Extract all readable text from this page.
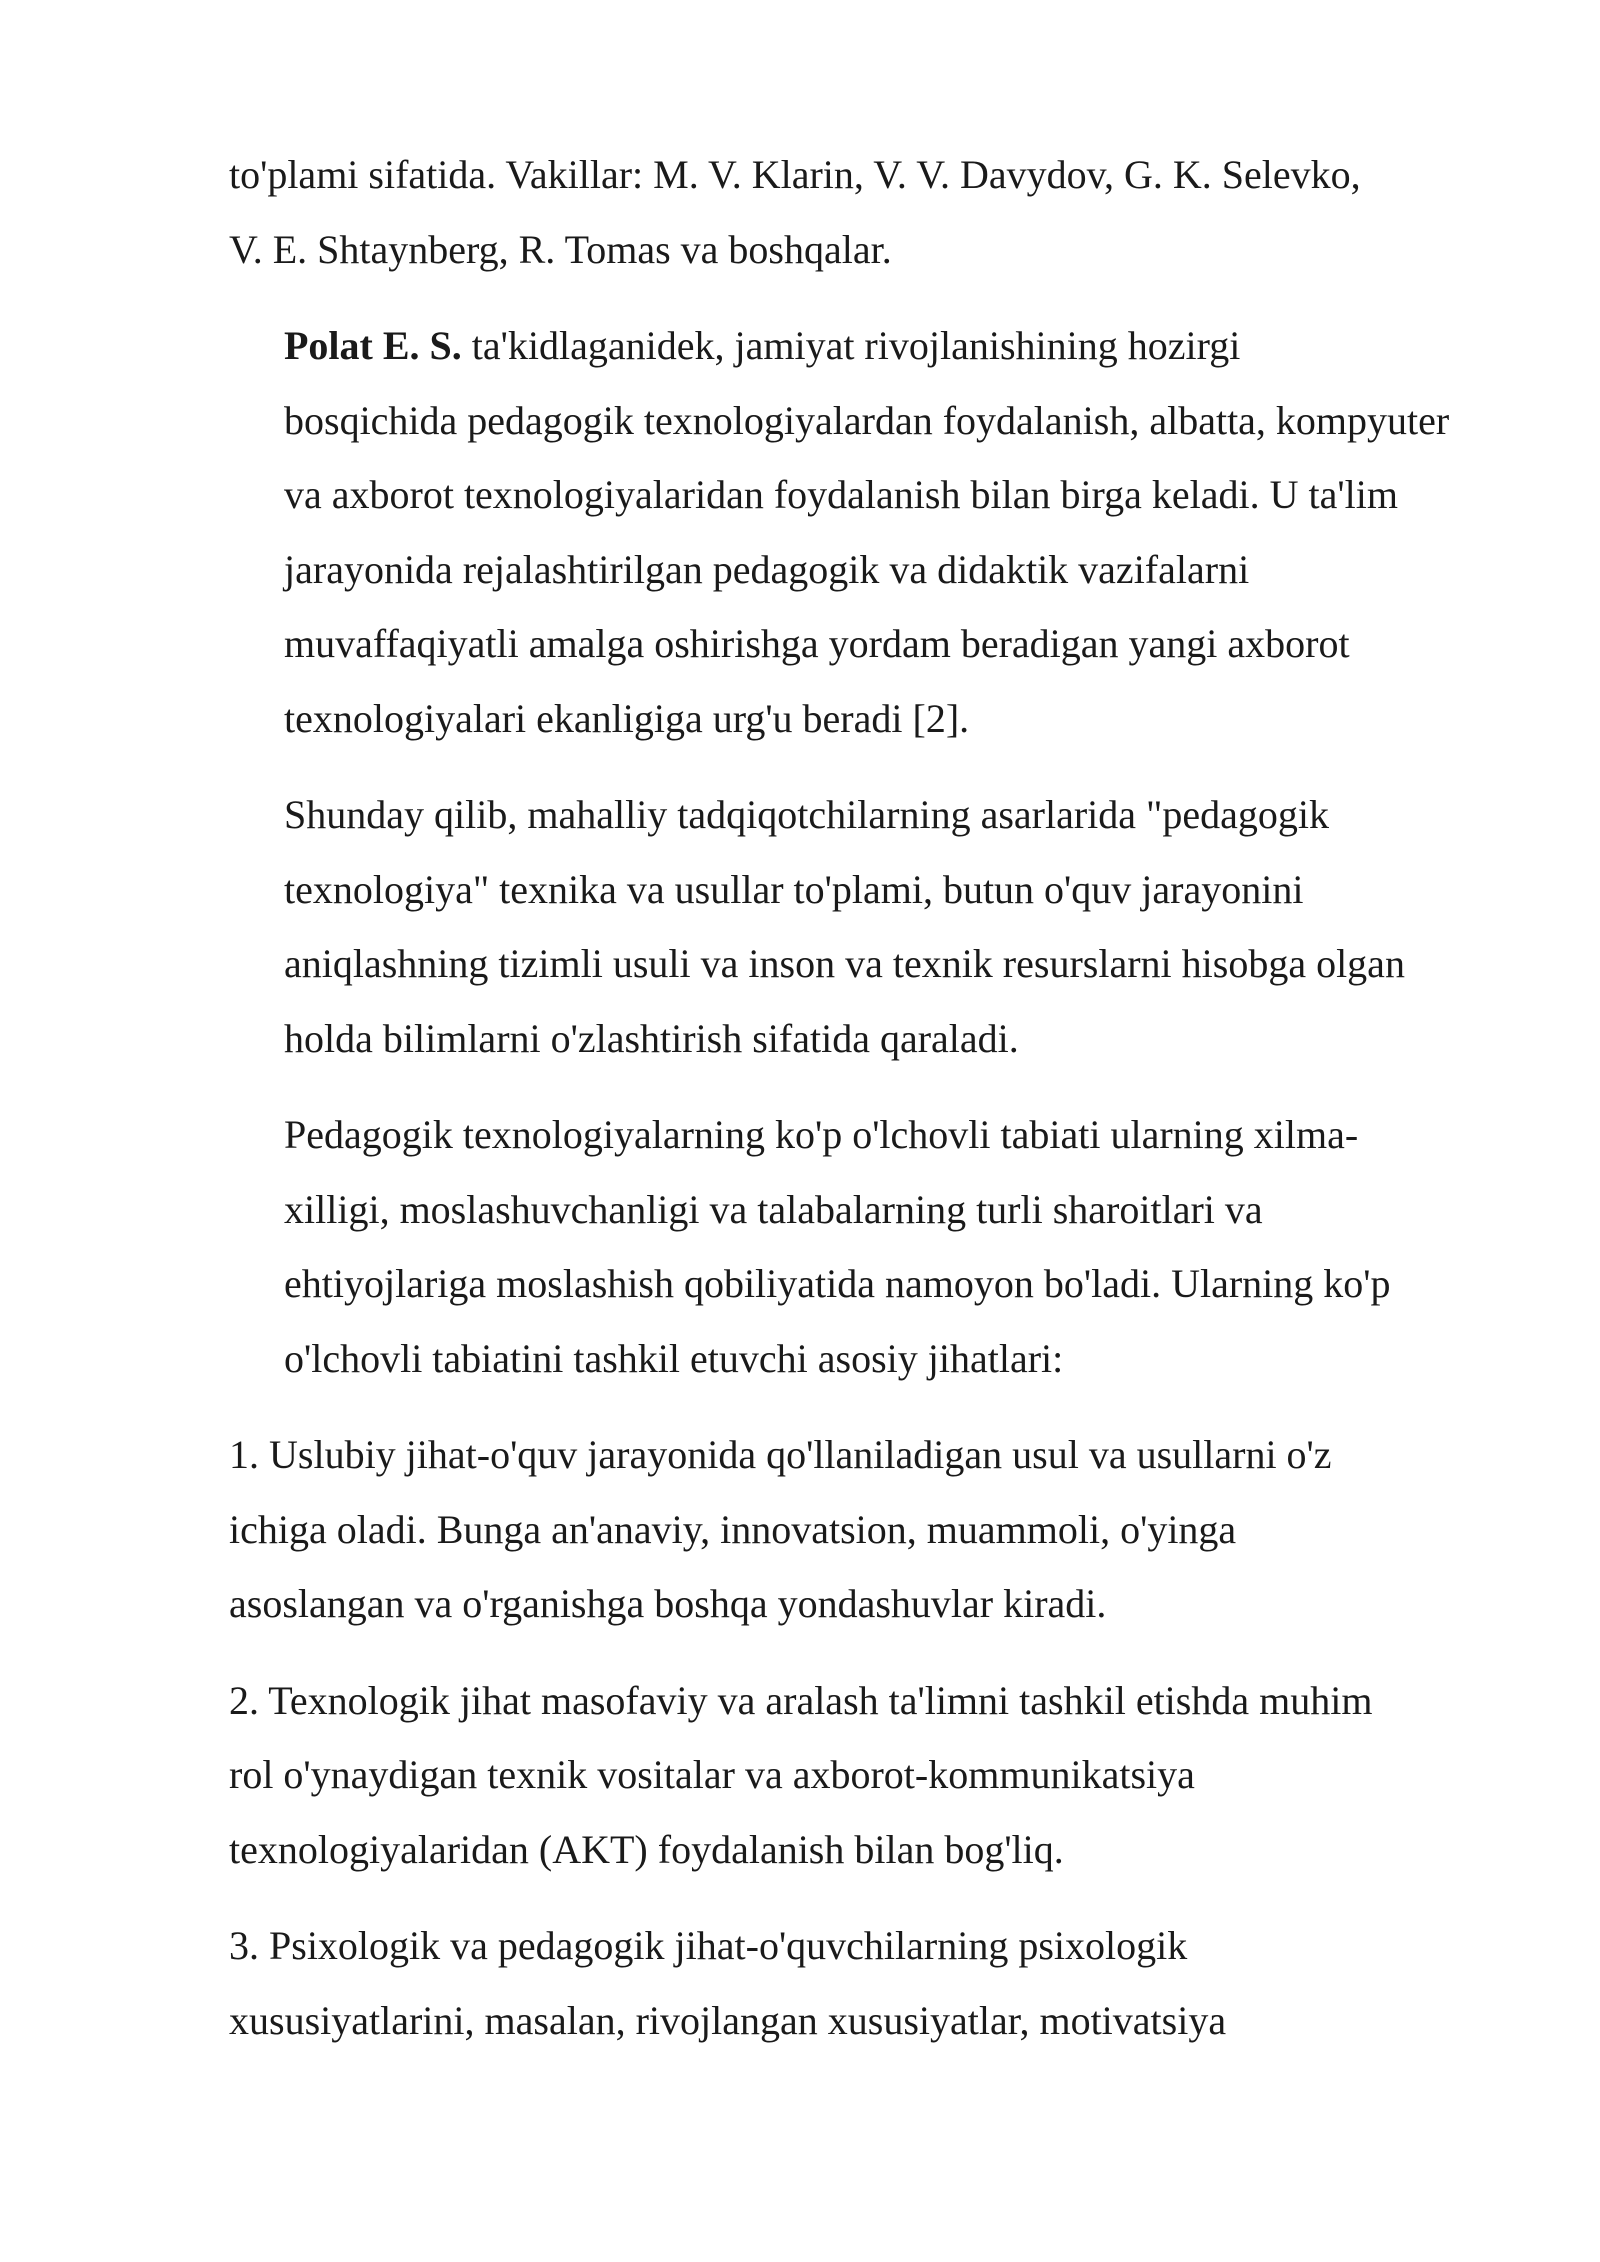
to'plami sifatida. Vakillar: M. V. Klarin, V. V. Davydov, G. K. Selevko,
V. E. Shtaynberg, R. Tomas va boshqalar.

Polat E. S. ta'kidlaganidek, jamiyat rivojlanishining hozirgi
bosqichida pedagogik texnologiyalardan foydalanish, albatta, kompyuter
va axborot texnologiyalaridan foydalanish bilan birga keladi. U ta'lim
jarayonida rejalashtirilgan pedagogik va didaktik vazifalarni
muvaffaqiyatli amalga oshirishga yordam beradigan yangi axborot
texnologiyalari ekanligiga urg'u beradi [2].

Shunday qilib, mahalliy tadqiqotchilarning asarlarida "pedagogik
texnologiya" texnika va usullar to'plami, butun o'quv jarayonini
aniqlashning tizimli usuli va inson va texnik resurslarni hisobga olgan
holda bilimlarni o'zlashtirish sifatida qaraladi.

Pedagogik texnologiyalarning ko'p o'lchovli tabiati ularning xilma-
xilligi, moslashuvchanligi va talabalarning turli sharoitlari va
ehtiyojlariga moslashish qobiliyatida namoyon bo'ladi. Ularning ko'p
o'lchovli tabiatini tashkil etuvchi asosiy jihatlari:

1. Uslubiy jihat-o'quv jarayonida qo'llaniladigan usul va usullarni o'z
ichiga oladi. Bunga an'anaviy, innovatsion, muammoli, o'yinga
asoslangan va o'rganishga boshqa yondashuvlar kiradi.

2. Texnologik jihat masofaviy va aralash ta'limni tashkil etishda muhim
rol o'ynaydigan texnik vositalar va axborot-kommunikatsiya
texnologiyalaridan (AKT) foydalanish bilan bog'liq.

3. Psixologik va pedagogik jihat-o'quvchilarning psixologik
xususiyatlarini, masalan, rivojlangan xususiyatlar, motivatsiya
